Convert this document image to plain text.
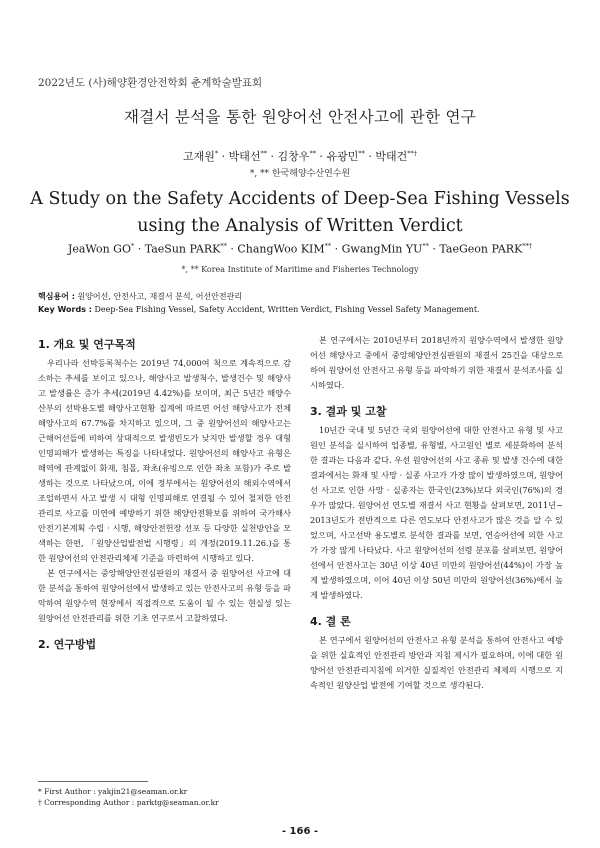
2022년도 (사)해양환경안전학회 춘계학술발표회
재결서 분석을 통한 원양어선 안전사고에 관한 연구
고재원* · 박태선** · 김창우** · 유광민** · 박태건**†
*, ** 한국해양수산연수원
A Study on the Safety Accidents of Deep-Sea Fishing Vessels using the Analysis of Written Verdict
JeaWon GO* · TaeSun PARK** · ChangWoo KIM** · GwangMin YU** · TaeGeon PARK**†
*, ** Korea Institute of Maritime and Fisheries Technology
핵심용어 : 원양어선, 안전사고, 재결서 분석, 어선안전관리
Key Words : Deep-Sea Fishing Vessel, Safety Accident, Written Verdict, Fishing Vessel Safety Management.
1. 개요 및 연구목적

우리나라 선박등록척수는 2019년 74,000여 척으로 계속적으로 감소하는 추세를 보이고 있으나, 해양사고 발생척수, 발생건수 및 해양사고 발생률은 증가 추세(2019년 4.42%)를 보이며, 최근 5년간 해양수산부의 선박용도별 해양사고현황 집계에 따르면 어선 해양사고가 전체 해양사고의 67.7%를 차지하고 있으며, 그 중 원양어선의 해양사고는 근해어선들에 비하여 상대적으로 발생빈도가 낮지만 발생할 경우 대형 인명피해가 발생하는 특징을 나타내었다. 원양어선의 해양사고 유형은 해역에 관계없이 화재, 침몰, 좌초(유빙으로 인한 좌초 포함)가 주로 발생하는 것으로 나타났으며, 이에 정부에서는 원양어선의 해외수역에서 조업하면서 사고 발생 시 대형 인명피해로 연결될 수 있어 철저한 안전관리로 사고를 미연에 예방하기 위한 해양안전확보를 위하여 국가해사안전기본계획 수립 · 시행, 해양안전헌장 선포 등 다양한 실천방안을 모색하는 한편, 「원양산업발전법 시행령」의 개정(2019.11.26.)을 통한 원양어선의 안전관리체제 기준을 마련하여 시행하고 있다.

본 연구에서는 중앙해양안전심판원의 재결서 중 원양어선 사고에 대한 분석을 통하여 원양어선에서 발생하고 있는 안전사고의 유형 등을 파악하여 원양수역 현장에서 직접적으로 도움이 될 수 있는 현실성 있는 원양어선 안전관리를 위한 기초 연구로서 고찰하였다.

2. 연구방법

본 연구에서는 2010년부터 2018년까지 원양수역에서 발생한 원양어선 해양사고 중에서 중앙해양안전심판원의 재결서 25건을 대상으로 하여 원양어선 안전사고 유형 등을 파악하기 위한 재결서 분석조사를 실시하였다.

3. 결과 및 고찰

10년간 국내 및 5년간 국외 원양어선에 대한 안전사고 유형 및 사고원인 분석을 실시하여 업종별, 유형별, 사고원인 별로 세분화하여 분석한 결과는 다음과 같다. 우선 원양어선의 사고 종류 및 발생 건수에 대한 결과에서는 화재 및 사망 · 실종 사고가 가장 많이 발생하였으며, 원양어선 사고로 인한 사망 · 실종자는 한국인(23%)보다 외국인(76%)의 경우가 많았다. 원양어선 연도별 재결서 사고 현황을 살펴보면, 2011년~2013년도가 전반적으로 다른 연도보다 안전사고가 많은 것을 알 수 있었으며, 사고선박 용도별로 분석한 결과를 보면, 연승어선에 의한 사고가 가장 많게 나타났다. 사고 원양어선의 선령 분포를 살펴보면, 원양어선에서 안전사고는 30년 이상 40년 미만의 원양어선(44%)이 가장 높게 발생하였으며, 이어 40년 이상 50년 미만의 원양어선(36%)에서 높게 발생하였다.

4. 결 론

본 연구에서 원양어선의 안전사고 유형 분석을 통하여 안전사고 예방을 위한 실효적인 안전관리 방안과 지침 제시가 필요하며, 이에 대한 원양어선 안전관리지침에 의거한 실질적인 안전관리 체제의 시행으로 지속적인 원양산업 발전에 기여할 것으로 생각된다.

* First Author : yakjin21@seaman.or.kr
† Corresponding Author : parktg@seaman.or.kr
- 166 -
